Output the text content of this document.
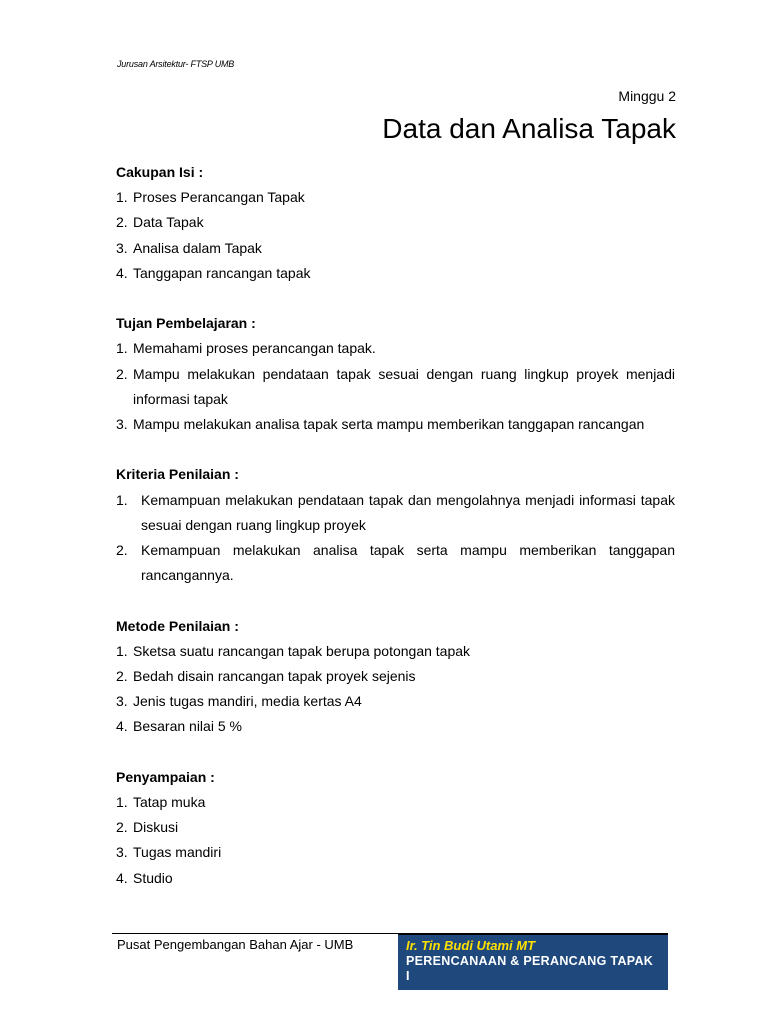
Jurusan Arsitektur- FTSP UMB
Minggu 2
Data dan Analisa Tapak
Cakupan Isi :
1. Proses Perancangan Tapak
2. Data Tapak
3. Analisa dalam Tapak
4. Tanggapan rancangan tapak
Tujan Pembelajaran :
1. Memahami proses perancangan tapak.
2. Mampu melakukan pendataan tapak sesuai dengan ruang lingkup proyek menjadi informasi tapak
3. Mampu melakukan analisa tapak serta mampu memberikan tanggapan rancangan
Kriteria Penilaian :
1. Kemampuan melakukan pendataan tapak dan mengolahnya menjadi informasi tapak sesuai dengan ruang lingkup proyek
2. Kemampuan melakukan analisa tapak serta mampu memberikan tanggapan rancangannya.
Metode Penilaian :
1. Sketsa suatu rancangan tapak berupa potongan tapak
2. Bedah disain rancangan tapak proyek sejenis
3. Jenis tugas mandiri, media kertas A4
4. Besaran nilai 5 %
Penyampaian :
1. Tatap muka
2. Diskusi
3. Tugas mandiri
4. Studio
Pusat Pengembangan Bahan Ajar - UMB	Ir. Tin Budi Utami MT
PERENCANAAN & PERANCANG TAPAK I
